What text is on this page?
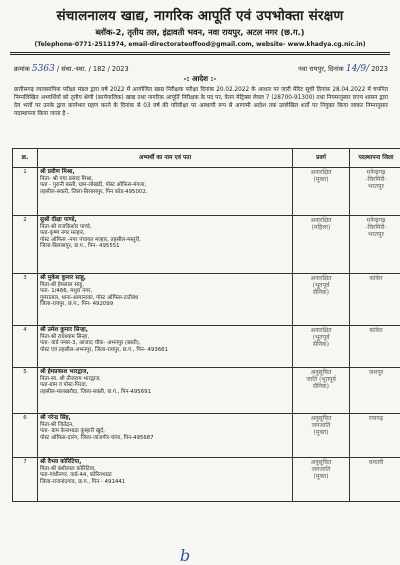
संचालनालय खाद्य, नागरिक आपूर्ति एवं उपभोक्ता संरक्षण
ब्लॉक-2, तृतीय तल, इंद्रावती भवन, नवा रायपुर, अटल नगर (छ.ग.)
(Telephone-0771-2511974, email-directorateoffood@gmail.com, website- www.khadya.cg.nic.in)
क्रमांक 5363 / संचा.-स्था. / 182 / 2023	नवा रायपुर, दिनांक 14/9/ 2023
-: आदेश :-
छत्तीसगढ़ व्यावसायिक परीक्षा मंडल द्वारा वर्ष 2022 में आयोजित खाद्य निरीक्षक परीक्षा दिनांक 20.02.2022 के आधार पर जारी मेरिट सूची दिनांक 28.04.2022 में चयनित निम्नलिखित अभ्यर्थियों को तृतीय श्रेणी (कार्यपालिक) खाद्य तथा नागरिक आपूर्ति निरीक्षक के पद पर, वेतन मेट्रिक्स लेवल 7 (28700-91300) तथा नियमानुसार राज्य शासन द्वारा देय भत्तों पर उनके द्वारा कार्यभार ग्रहण करने के दिनांक से 03 वर्ष की परिवीक्षा पर अस्थायी रूप से आगामी आदेश तक उल्लेखित शर्तों पर नियुक्त किया जाकर निम्नानुसार पदस्थापना किया जाता है -
क्र.	अभ्यर्थी का नाम एवं पता	प्रवर्ग	पदस्थापना जिला
1	श्री प्रवीण मिश्रा,
पिता- श्री गया प्रसाद मिश्रा,
पता - पुरानी बस्ती, ग्राम-लोखंडी, पोस्ट ऑफिस-मंगला,
तहसील-सकरी, जिला-बिलासपुर, पिन कोड-495002.	अनारक्षित
(मुक्त)	मनेन्द्रगढ़
-चिरमिरी-
भरतपुर

2	सुश्री दीक्षा पाण्डे,
पिता-श्री राजकिशोर पाण्डे,
पता-कृष्ण नगर मल्हार,
पोस्ट ऑफिस -नगर पंचायत मल्हार, तहसील-मस्तूरी,
जिला-बिलासपुर, छ.ग., पिन- 495551	अनारक्षित
(महिला)	मनेन्द्रगढ़
-चिरमिरी-
भरतपुर

3	श्री मुकेश कुमार साहू,
पिता-श्री हेमलाल साहू,
पता- 1/466, मथुरा नगर,
गुमराताल, थाना-आमानाका, पोस्ट ऑफिस-टाटीबंध
जिला-रायपुर, छ.ग., पिन- 492099	अनारक्षित
(भूतपूर्व
सैनिक)	कांकेर

4	श्री उमेश कुमार सिन्हा,
पिता-श्री राधेश्याम सिन्हा,
पता- वार्ड नम्बर-3, आजाद चौक- अभनपुर (बस्ती),
पोस्ट एवं तहसील-अभनपुर, जिला-रायपुर, छ.ग., पिन- 493661	अनारक्षित
(भूतपूर्व
सैनिक)	कांकेर

5	श्री हेमप्रकाश भारद्वाज,
पिता-स्व. श्री तीजराम भारद्वाज,
पता-ग्राम व पोस्ट-पिरदा,
तहसील-मालखरौदा, जिला-सक्ती, छ.ग., पिन-495691	अनुसूचित
जाति (भूतपूर्व
सैनिक)	जशपुर

6	श्री नरेन्द्र सिंह,
पिता-श्री जितेंद्रन,
पता- ग्राम केनाभाठा कुम्हारी खुर्द,
पोस्ट ऑफिस-दारंग, जिला-जांजगीर-चांपा, पिन-495687	अनुसूचित
जनजाति
(मुक्त)	रायगढ़

7	श्री वैभव कोरिटिया,
पिता-श्री बंशीलाल कोरिटिया,
पता-गांधीनगर, वार्ड-44, कोरिनभाठा
जिला-राजनांदगांव, छ.ग., पिन - 491441	अनुसूचित
जनजाति
(मुक्त)	धमतरी
b
